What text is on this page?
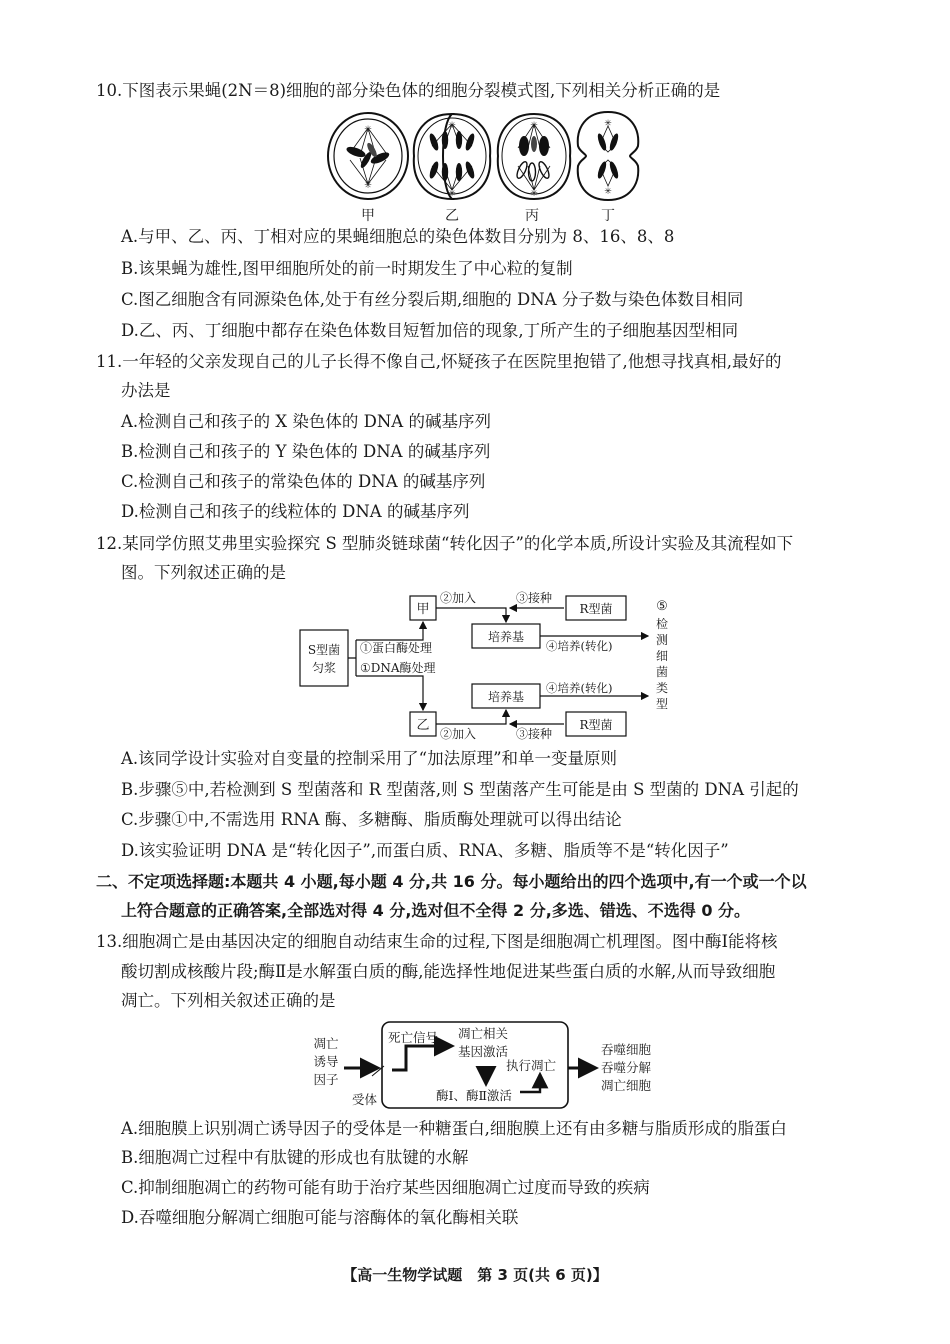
10.下图表示果蝇(2N＝8)细胞的部分染色体的细胞分裂模式图,下列相关分析正确的是
✳
✳
✳
✳
✳
✳
✳
✳
甲	乙	丙	丁
A.与甲、乙、丙、丁相对应的果蝇细胞总的染色体数目分别为 8、16、8、8
B.该果蝇为雄性,图甲细胞所处的前一时期发生了中心粒的复制
C.图乙细胞含有同源染色体,处于有丝分裂后期,细胞的 DNA 分子数与染色体数目相同
D.乙、丙、丁细胞中都存在染色体数目短暂加倍的现象,丁所产生的子细胞基因型相同
11.一年轻的父亲发现自己的儿子长得不像自己,怀疑孩子在医院里抱错了,他想寻找真相,最好的
办法是
A.检测自己和孩子的 X 染色体的 DNA 的碱基序列
B.检测自己和孩子的 Y 染色体的 DNA 的碱基序列
C.检测自己和孩子的常染色体的 DNA 的碱基序列
D.检测自己和孩子的线粒体的 DNA 的碱基序列
12.某同学仿照艾弗里实验探究 S 型肺炎链球菌“转化因子”的化学本质,所设计实验及其流程如下
图。下列叙述正确的是
S型菌
匀浆
①蛋白酶处理
①DNA酶处理
甲
乙
②加入
②加入
③接种
③接种
R型菌
R型菌
培养基
培养基
④培养(转化)
④培养(转化)
⑤
检
测
细
菌
类
型
A.该同学设计实验对自变量的控制采用了“加法原理”和单一变量原则
B.步骤⑤中,若检测到 S 型菌落和 R 型菌落,则 S 型菌落产生可能是由 S 型菌的 DNA 引起的
C.步骤①中,不需选用 RNA 酶、多糖酶、脂质酶处理就可以得出结论
D.该实验证明 DNA 是“转化因子”,而蛋白质、RNA、多糖、脂质等不是“转化因子”
二、不定项选择题:本题共 4 小题,每小题 4 分,共 16 分。每小题给出的四个选项中,有一个或一个以
上符合题意的正确答案,全部选对得 4 分,选对但不全得 2 分,多选、错选、不选得 0 分。
13.细胞凋亡是由基因决定的细胞自动结束生命的过程,下图是细胞凋亡机理图。图中酶Ⅰ能将核
酸切割成核酸片段;酶Ⅱ是水解蛋白质的酶,能选择性地促进某些蛋白质的水解,从而导致细胞
凋亡。下列相关叙述正确的是
凋亡
诱导
因子
受体
死亡信号 凋亡相关
基因激活
酶Ⅰ、酶Ⅱ激活
执行凋亡
吞噬细胞
吞噬分解
凋亡细胞
A.细胞膜上识别凋亡诱导因子的受体是一种糖蛋白,细胞膜上还有由多糖与脂质形成的脂蛋白
B.细胞凋亡过程中有肽键的形成也有肽键的水解
C.抑制细胞凋亡的药物可能有助于治疗某些因细胞凋亡过度而导致的疾病
D.吞噬细胞分解凋亡细胞可能与溶酶体的氧化酶相关联
【高一生物学试题　第 3 页(共 6 页)】
